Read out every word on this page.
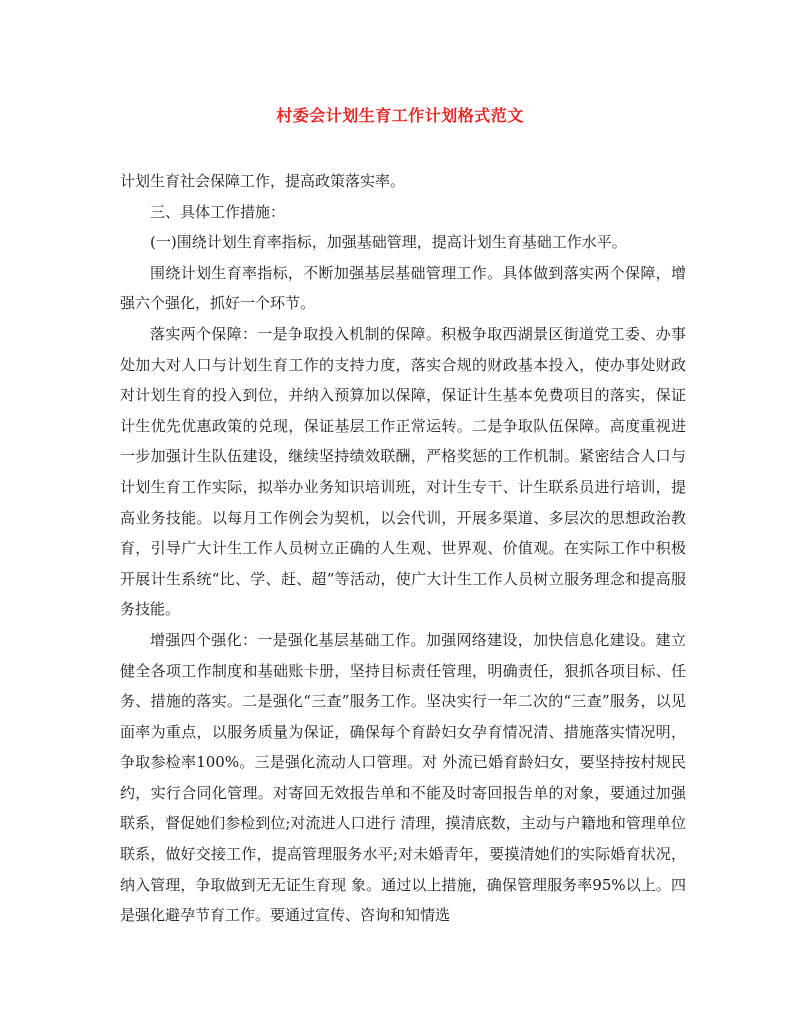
村委会计划生育工作计划格式范文

计划生育社会保障工作，提高政策落实率。

三、具体工作措施：

(一)围绕计划生育率指标，加强基础管理，提高计划生育基础工作水平。

围绕计划生育率指标，不断加强基层基础管理工作。具体做到落实两个保障，增强六个强化，抓好一个环节。

落实两个保障：一是争取投入机制的保障。积极争取西湖景区街道党工委、办事处加大对人口与计划生育工作的支持力度，落实合规的财政基本投入，使办事处财政对计划生育的投入到位，并纳入预算加以保障，保证计生基本免费项目的落实，保证计生优先优惠政策的兑现，保证基层工作正常运转。二是争取队伍保障。高度重视进一步加强计生队伍建设，继续坚持绩效联酬，严格奖惩的工作机制。紧密结合人口与计划生育工作实际，拟举办业务知识培训班，对计生专干、计生联系员进行培训，提高业务技能。以每月工作例会为契机，以会代训，开展多渠道、多层次的思想政治教育，引导广大计生工作人员树立正确的人生观、世界观、价值观。在实际工作中积极开展计生系统“比、学、赶、超”等活动，使广大计生工作人员树立服务理念和提高服务技能。

增强四个强化：一是强化基层基础工作。加强网络建设，加快信息化建设。建立健全各项工作制度和基础账卡册，坚持目标责任管理，明确责任，狠抓各项目标、任务、措施的落实。二是强化“三查”服务工作。坚决实行一年二次的“三查”服务，以见面率为重点，以服务质量为保证，确保每个育龄妇女孕育情况清、措施落实情况明，争取参检率100%。三是强化流动人口管理。对 外流已婚育龄妇女，要坚持按村规民约，实行合同化管理。对寄回无效报告单和不能及时寄回报告单的对象，要通过加强联系，督促她们参检到位;对流进人口进行 清理，摸清底数，主动与户籍地和管理单位联系，做好交接工作，提高管理服务水平;对未婚青年，要摸清她们的实际婚育状况，纳入管理，争取做到无无证生育现 象。通过以上措施，确保管理服务率95%以上。四是强化避孕节育工作。要通过宣传、咨询和知情选
